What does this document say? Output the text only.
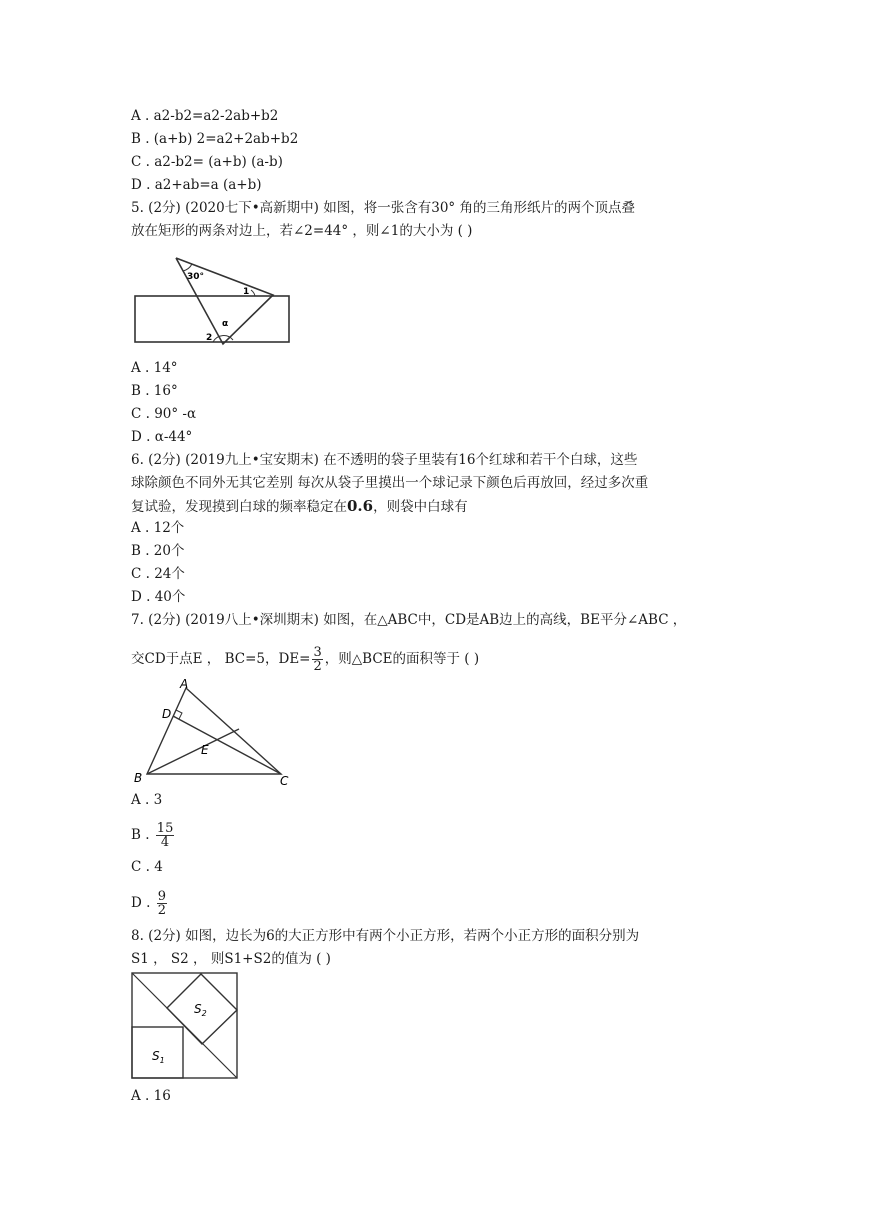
A . a2-b2=a2-2ab+b2
B . (a+b) 2=a2+2ab+b2
C . a2-b2= (a+b) (a-b)
D . a2+ab=a (a+b)
5. (2分) (2020七下•高新期中) 如图，将一张含有30° 角的三角形纸片的两个顶点叠
放在矩形的两条对边上，若∠2=44° ，则∠1的大小为 ( )
30°
1
2
α
A . 14°
B . 16°
C . 90° -α
D . α-44°
6. (2分) (2019九上•宝安期末) 在不透明的袋子里装有16个红球和若干个白球，这些
球除颜色不同外无其它差别 每次从袋子里摸出一个球记录下颜色后再放回，经过多次重
复试验，发现摸到白球的频率稳定在0.6，则袋中白球有
A . 12个
B . 20个
C . 24个
D . 40个
7. (2分) (2019八上•深圳期末) 如图，在△ABC中，CD是AB边上的高线，BE平分∠ABC ，
交CD于点E ， BC=5，$DE= \frac{3}{2}$ ，则△BCE的面积等于 ( )
A
D
E
B	C
A . 3
B . $\frac{15}{4}$
C . 4
D . $\frac{9}{2}$
8. (2分) 如图，边长为6的大正方形中有两个小正方形，若两个小正方形的面积分别为
S1 ， S2 ， 则S1+S2的值为 ( )
$S_1$
$S_2$
A . 16
